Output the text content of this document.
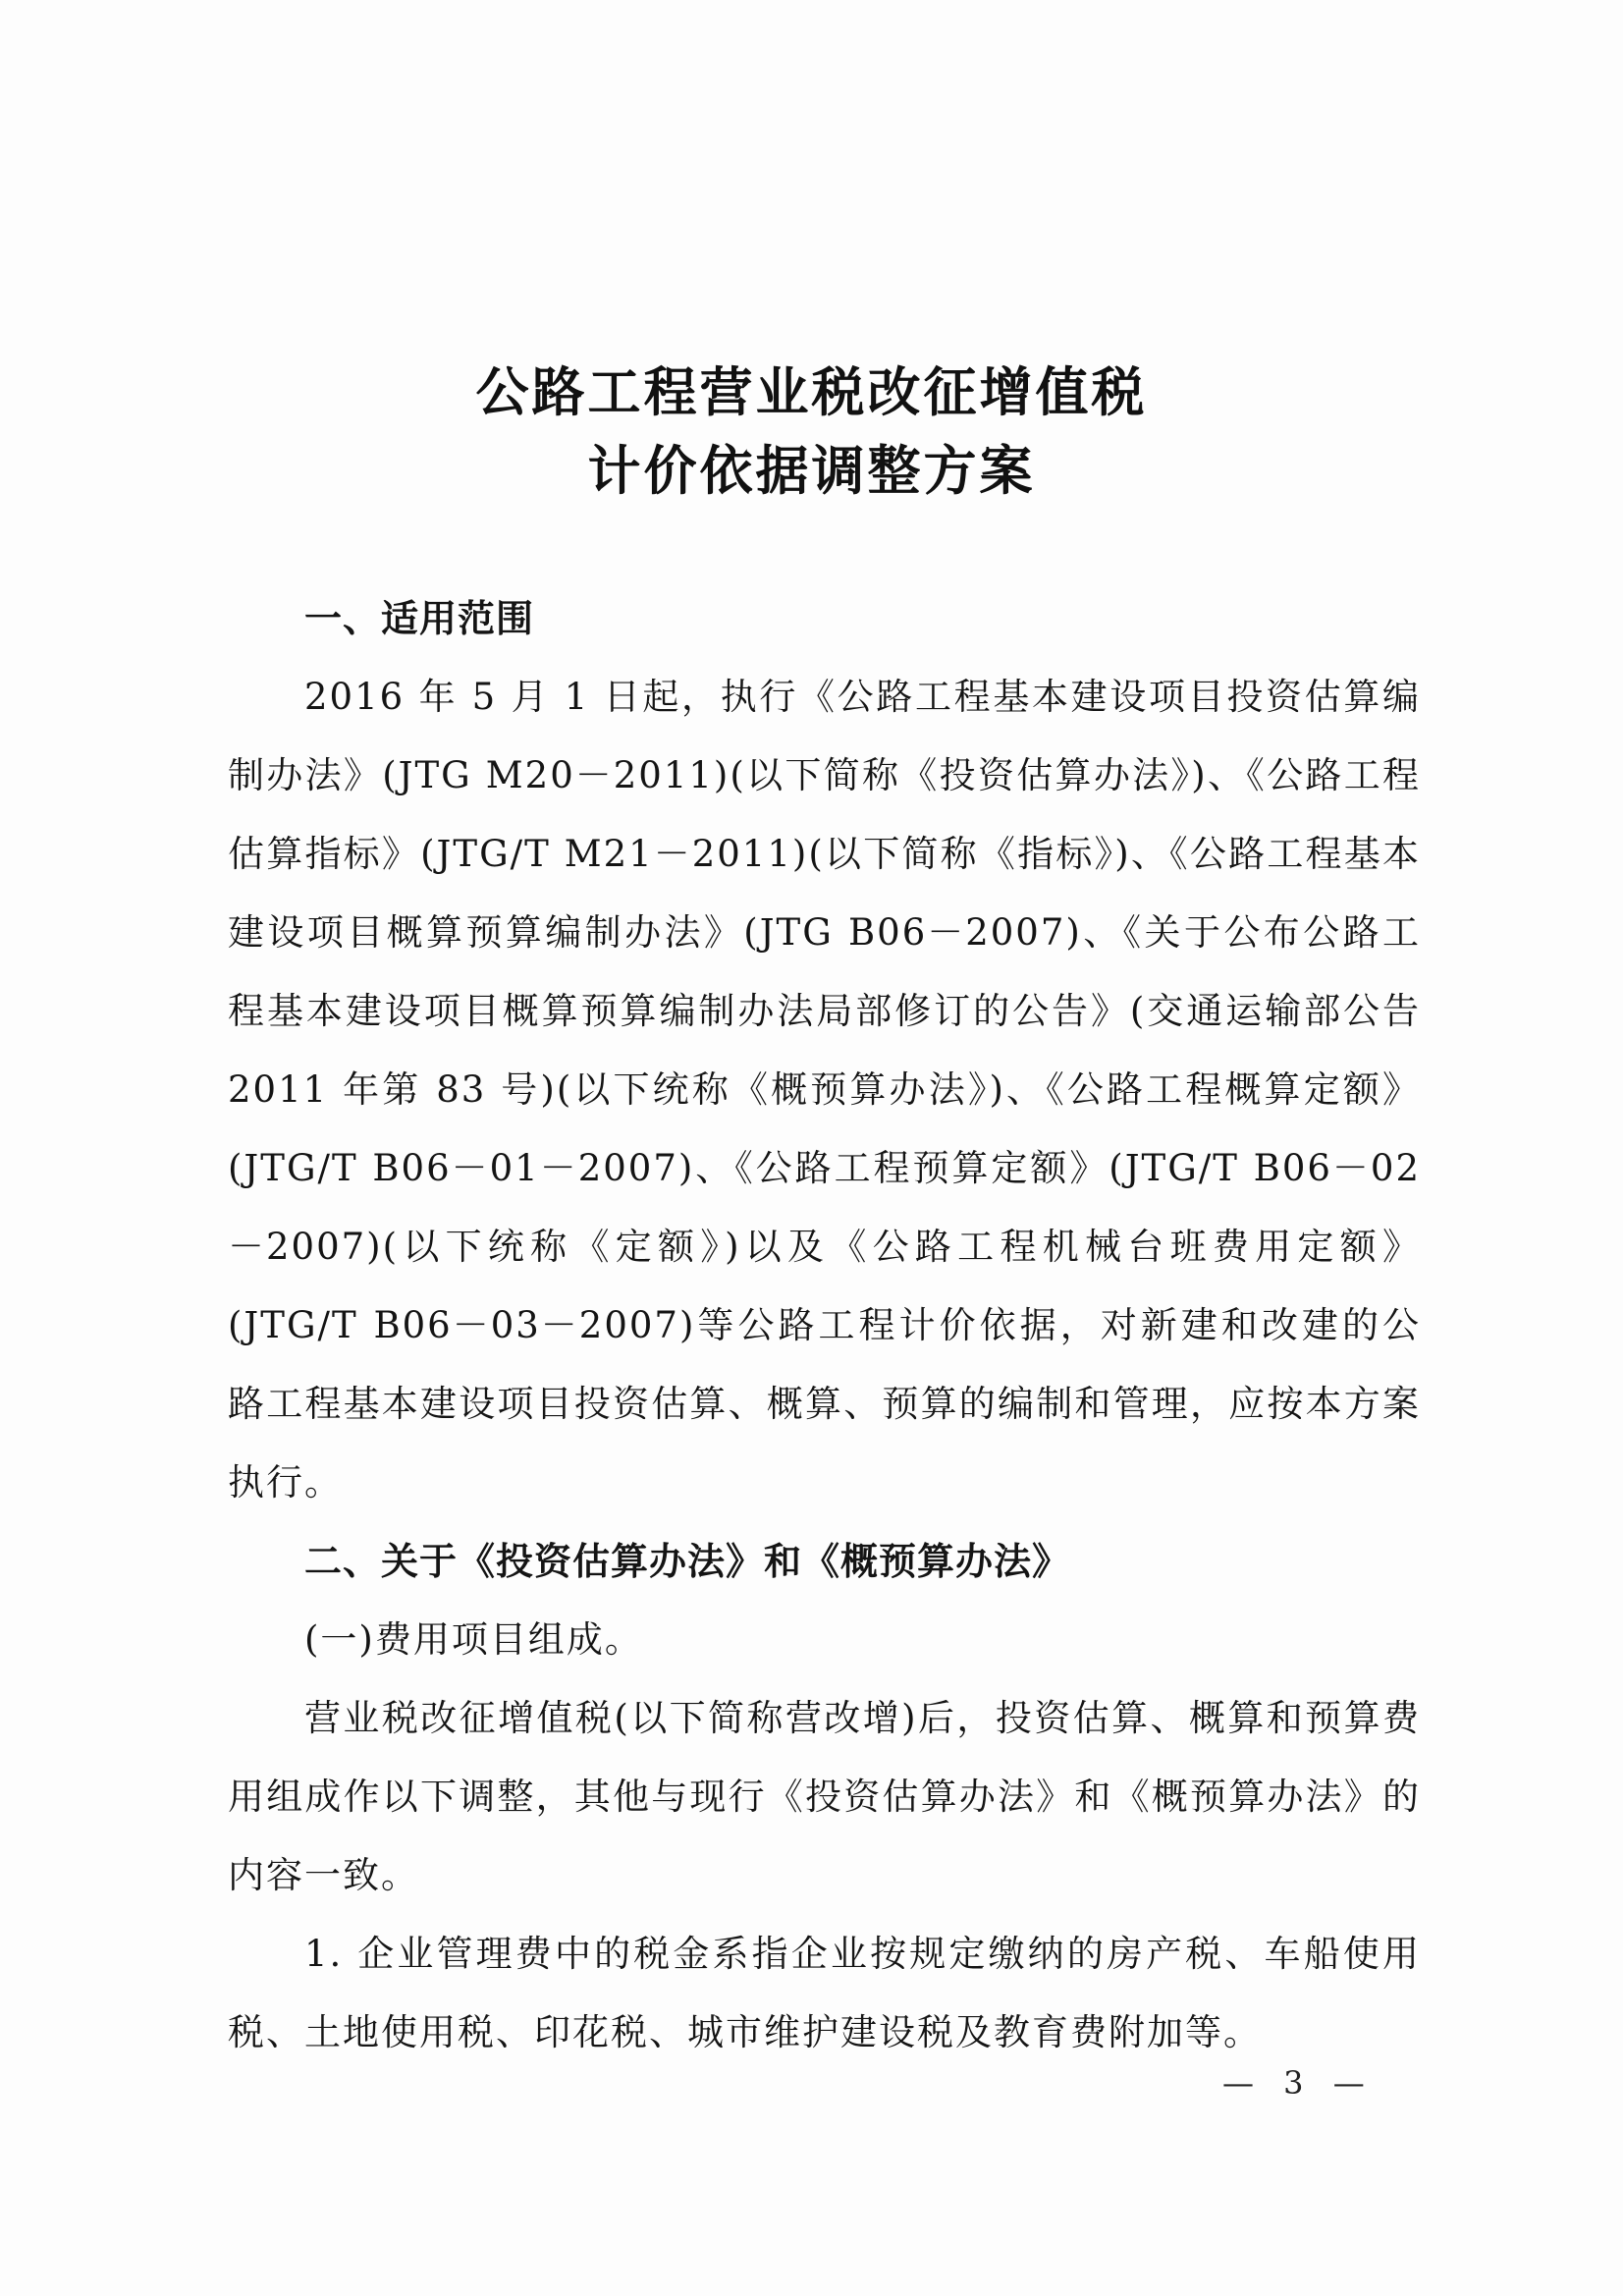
公路工程营业税改征增值税
计价依据调整方案

一、适用范围

2016 年 5 月 1 日起，执行《公路工程基本建设项目投资估算编制办法》(JTG M20－2011)(以下简称《投资估算办法》)、《公路工程估算指标》(JTG/T M21－2011)(以下简称《指标》)、《公路工程基本建设项目概算预算编制办法》(JTG B06－2007)、《关于公布公路工程基本建设项目概算预算编制办法局部修订的公告》(交通运输部公告 2011 年第 83 号)(以下统称《概预算办法》)、《公路工程概算定额》(JTG/T B06－01－2007)、《公路工程预算定额》(JTG/T B06－02－2007)(以下统称《定额》)以及《公路工程机械台班费用定额》(JTG/T B06－03－2007)等公路工程计价依据，对新建和改建的公路工程基本建设项目投资估算、概算、预算的编制和管理，应按本方案执行。

二、关于《投资估算办法》和《概预算办法》

(一)费用项目组成。

营业税改征增值税(以下简称营改增)后，投资估算、概算和预算费用组成作以下调整，其他与现行《投资估算办法》和《概预算办法》的内容一致。

1. 企业管理费中的税金系指企业按规定缴纳的房产税、车船使用税、土地使用税、印花税、城市维护建设税及教育费附加等。

— 3 —
